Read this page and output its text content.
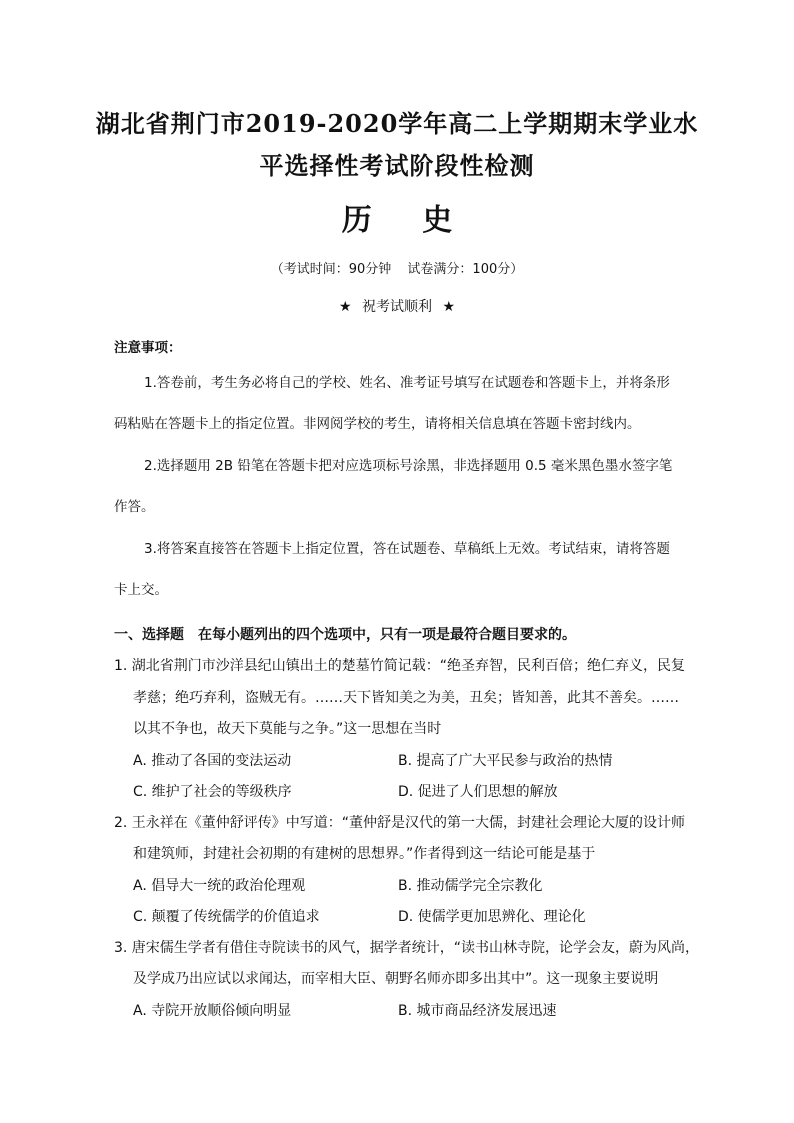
湖北省荆门市2019-2020学年高二上学期期末学业水
平选择性考试阶段性检测
历 史
（考试时间：90分钟 试卷满分：100分）
★ 祝考试顺利 ★
注意事项：
1.答卷前，考生务必将自己的学校、姓名、准考证号填写在试题卷和答题卡上，并将条形
码粘贴在答题卡上的指定位置。非网阅学校的考生，请将相关信息填在答题卡密封线内。
2.选择题用 2B 铅笔在答题卡把对应选项标号涂黑，非选择题用 0.5 毫米黑色墨水签字笔
作答。
3.将答案直接答在答题卡上指定位置，答在试题卷、草稿纸上无效。考试结束，请将答题
卡上交。
一、选择题　在每小题列出的四个选项中，只有一项是最符合题目要求的。
1. 湖北省荆门市沙洋县纪山镇出土的楚墓竹简记载：“绝圣弃智，民利百倍；绝仁弃义，民复
孝慈；绝巧弃利，盗贼无有。……天下皆知美之为美，丑矣；皆知善，此其不善矣。……
以其不争也，故天下莫能与之争。”这一思想在当时
A. 推动了各国的变法运动	B. 提高了广大平民参与政治的热情
C. 维护了社会的等级秩序	D. 促进了人们思想的解放
2. 王永祥在《董仲舒评传》中写道：“董仲舒是汉代的第一大儒，封建社会理论大厦的设计师
和建筑师，封建社会初期的有建树的思想界。”作者得到这一结论可能是基于
A. 倡导大一统的政治伦理观	B. 推动儒学完全宗教化
C. 颠覆了传统儒学的价值追求	D. 使儒学更加思辨化、理论化
3. 唐宋儒生学者有借住寺院读书的风气，据学者统计，“读书山林寺院，论学会友，蔚为风尚，
及学成乃出应试以求闻达，而宰相大臣、朝野名师亦即多出其中”。这一现象主要说明
A. 寺院开放顺俗倾向明显	B. 城市商品经济发展迅速
